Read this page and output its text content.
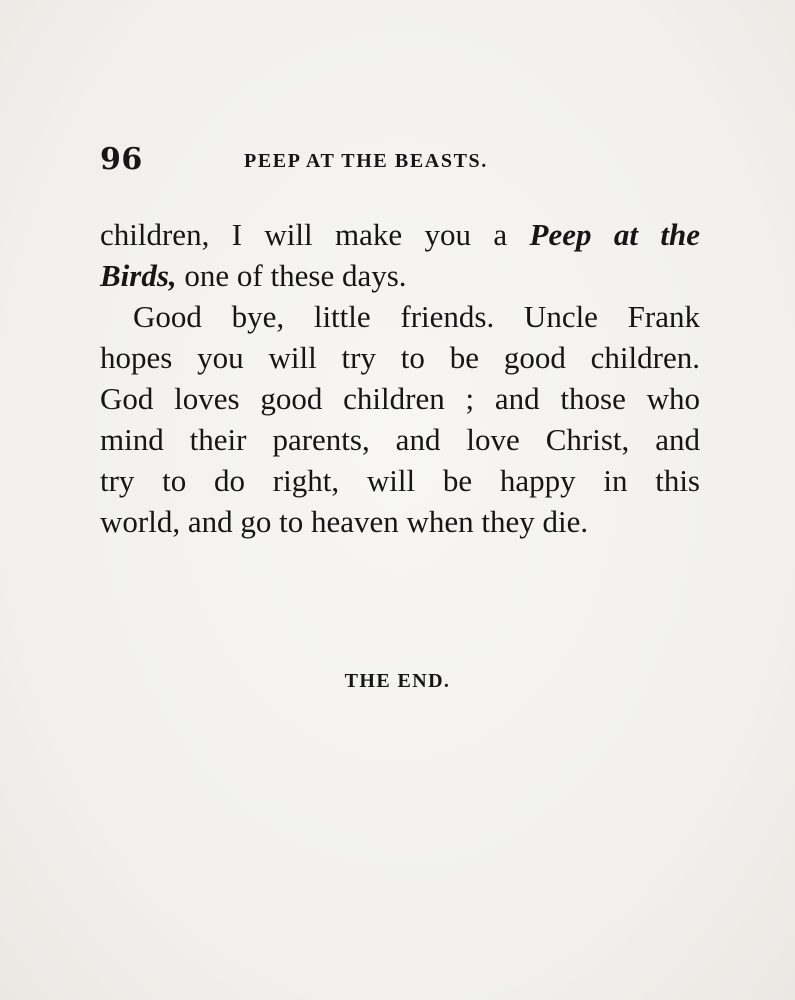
96	PEEP AT THE BEASTS.
children, I will make you a Peep at the
Birds, one of these days.
Good bye, little friends. Uncle Frank
hopes you will try to be good children.
God loves good children ; and those who
mind their parents, and love Christ, and
try to do right, will be happy in this
world, and go to heaven when they die.
THE END.
